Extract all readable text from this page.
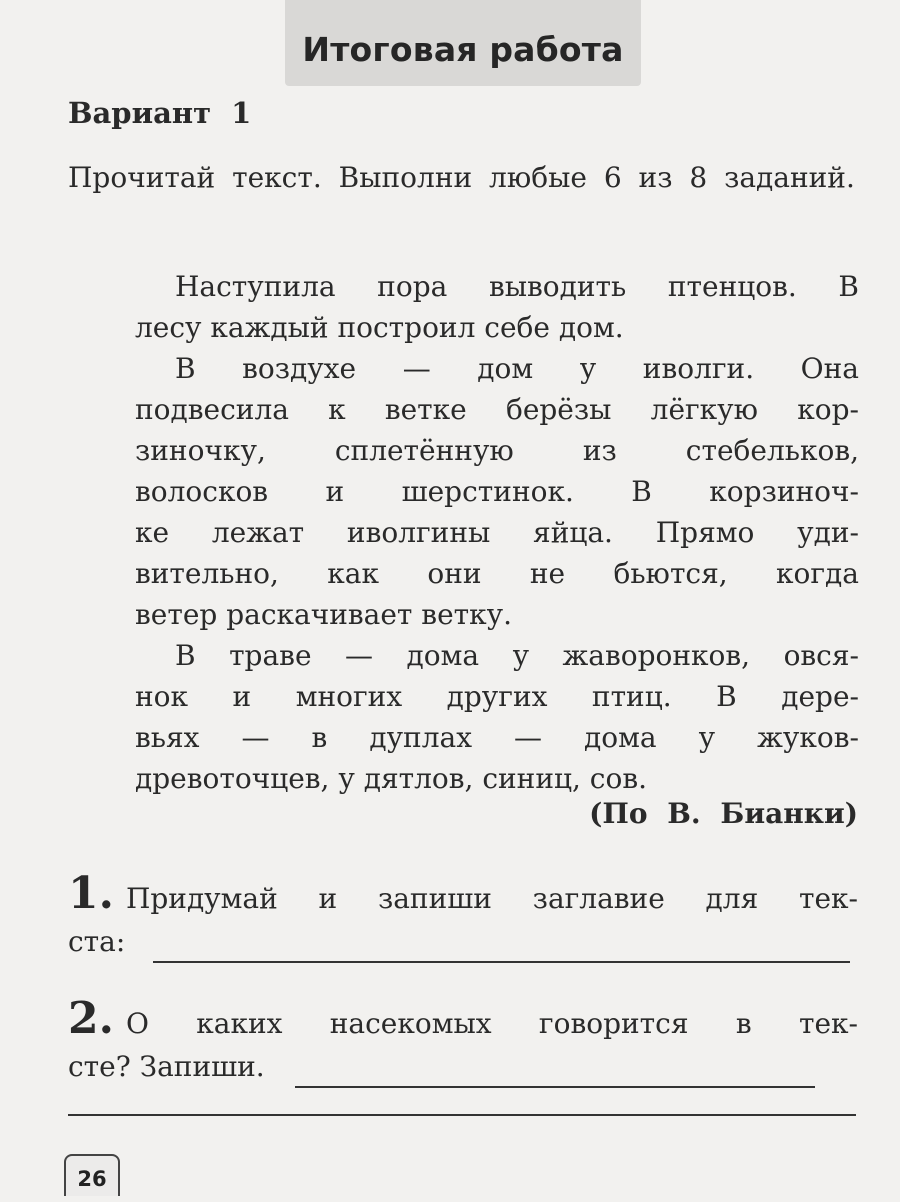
Итоговая работа
Вариант 1
Прочитай текст. Выполни любые 6 из 8 заданий.
Наступила пора выводить птенцов. В
лесу каждый построил себе дом.
В воздухе — дом у иволги. Она
подвесила к ветке берёзы лёгкую кор-
зиночку, сплетённую из стебельков,
волосков и шерстинок. В корзиноч-
ке лежат иволгины яйца. Прямо уди-
вительно, как они не бьются, когда
ветер раскачивает ветку.
В траве — дома у жаворонков, овся-
нок и многих других птиц. В дере-
вьях — в дуплах — дома у жуков-
древоточцев, у дятлов, синиц, сов.
(По В. Бианки)
1. Придумай и запиши заглавие для тек-
ста:
2. О каких насекомых говорится в тек-
сте? Запиши.
26
